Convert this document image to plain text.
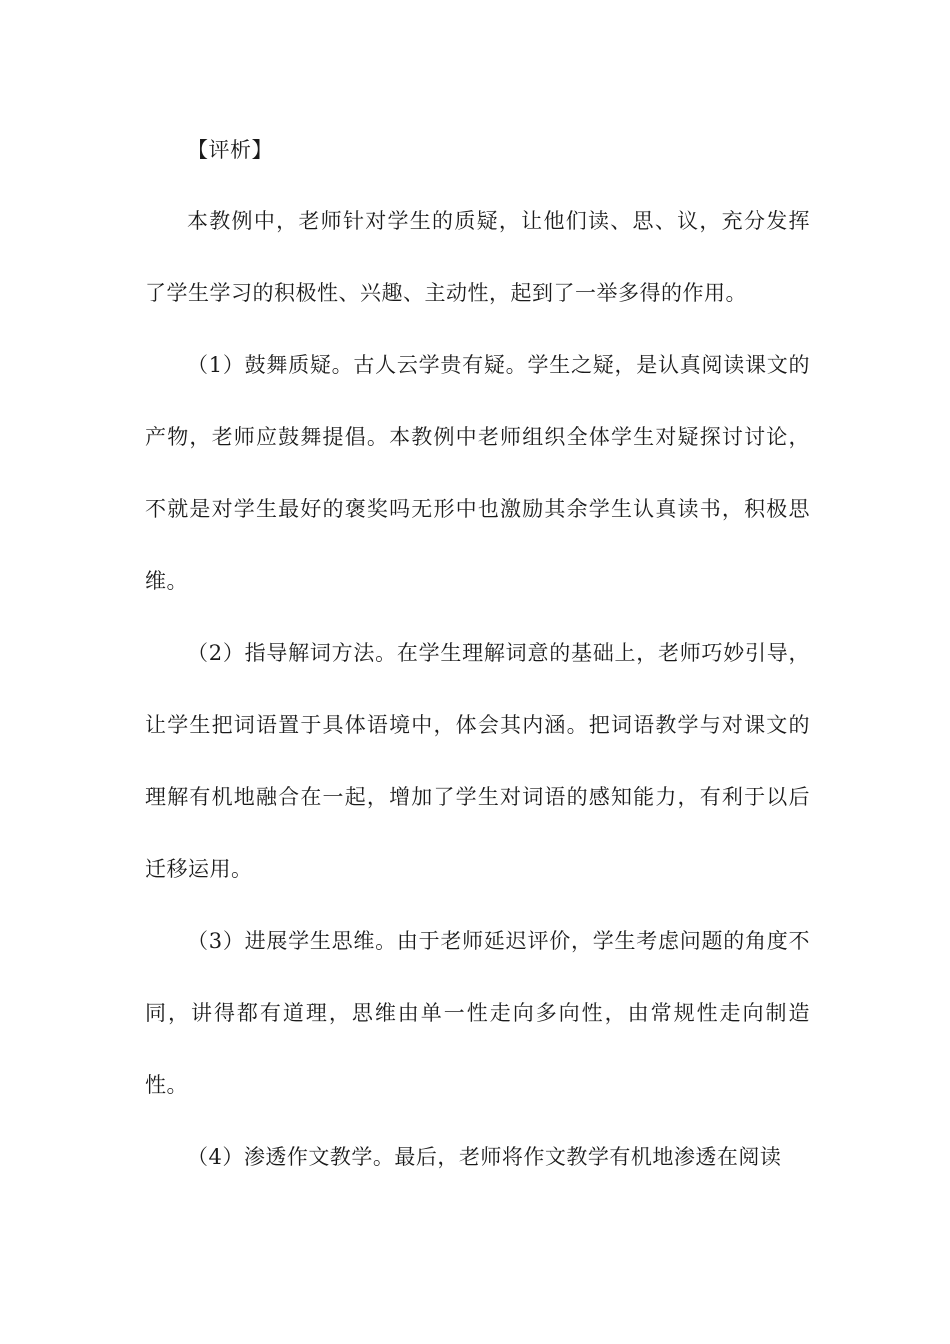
【评析】

本教例中，老师针对学生的质疑，让他们读、思、议，充分发挥了学生学习的积极性、兴趣、主动性，起到了一举多得的作用。

（1）鼓舞质疑。古人云学贵有疑。学生之疑，是认真阅读课文的产物，老师应鼓舞提倡。本教例中老师组织全体学生对疑探讨讨论，不就是对学生最好的褒奖吗无形中也激励其余学生认真读书，积极思维。

（2）指导解词方法。在学生理解词意的基础上，老师巧妙引导，让学生把词语置于具体语境中，体会其内涵。把词语教学与对课文的理解有机地融合在一起，增加了学生对词语的感知能力，有利于以后迁移运用。

（3）进展学生思维。由于老师延迟评价，学生考虑问题的角度不同，讲得都有道理，思维由单一性走向多向性，由常规性走向制造性。

（4）渗透作文教学。最后，老师将作文教学有机地渗透在阅读
